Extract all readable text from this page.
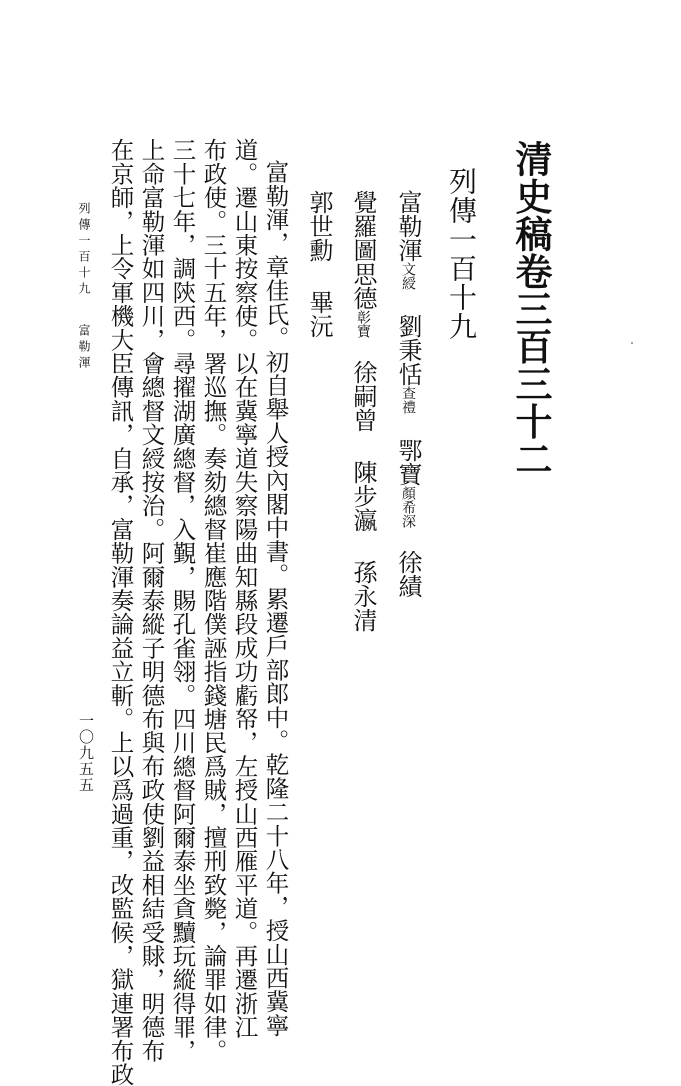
清史稿卷三百三十二
列傳一百十九
富勒渾文綬劉秉恬查禮鄂寶顏希深徐績
覺羅圖思德彰寶徐嗣曾陳步瀛孫永清
郭世勳畢沅
富勒渾，章佳氏。初自舉人授內閣中書。累遷戶部郎中。乾隆二十八年，授山西冀寧
道。遷山東按察使。以在冀寧道失察陽曲知縣段成功虧帑，左授山西雁平道。再遷浙江
布政使。三十五年，署巡撫。奏劾總督崔應階僕誣指錢塘民爲賊，擅刑致斃，論罪如律。
三十七年，調陝西。尋擢湖廣總督，入覲，賜孔雀翎。四川總督阿爾泰坐貪黷玩縱得罪，
上命富勒渾如四川，會總督文綬按治。阿爾泰縱子明德布與布政使劉益相結受賕，明德布
在京師，上令軍機大臣傳訊，自承，富勒渾奏論益立斬。上以爲過重，改監候，獄連署布政
列傳一百十九富勒渾
一〇九五五
